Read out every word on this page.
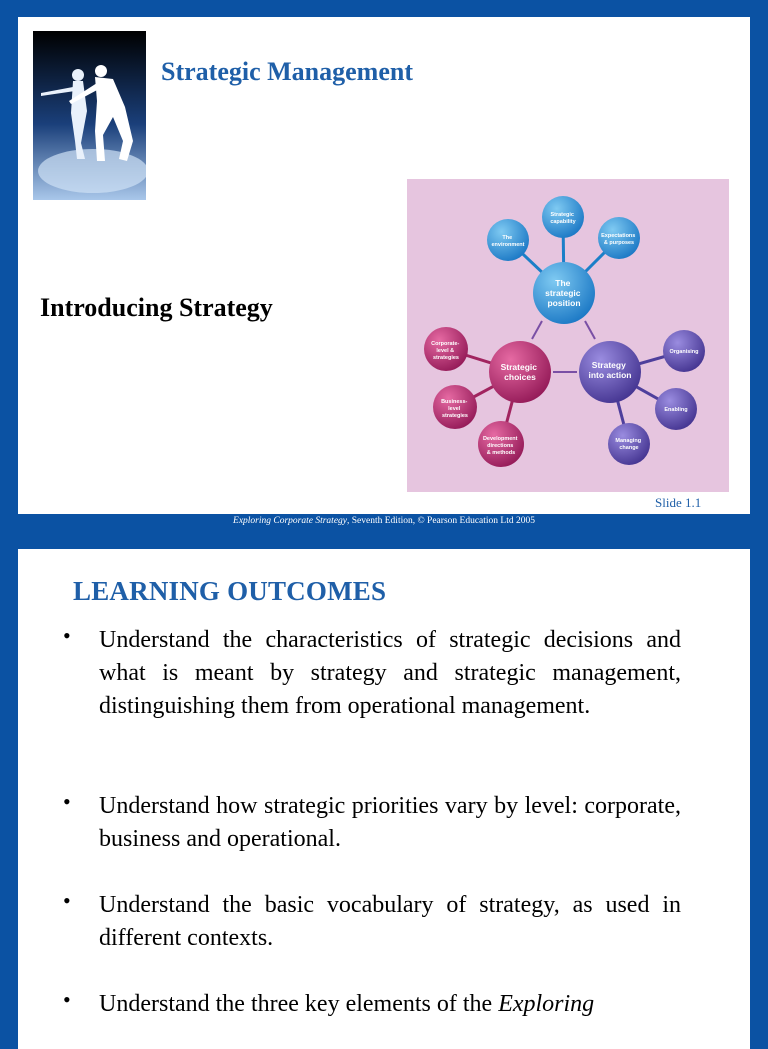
Strategic Management
Introducing Strategy
The strategic position
Strategic choices
Strategy into action
The environment
Strategic capability
Expectations & purposes
Corporate- level & strategies
Business- level strategies
Development directions & methods
Organising
Enabling
Managing change
Slide 1.1
Exploring Corporate Strategy, Seventh Edition, © Pearson Education Ltd 2005
LEARNING OUTCOMES
• Understand the characteristics of strategic decisions and what is meant by strategy and strategic management, distinguishing them from operational management.
• Understand how strategic priorities vary by level: corporate, business and operational.
• Understand the basic vocabulary of strategy, as used in different contexts.
• Understand the three key elements of the Exploring
